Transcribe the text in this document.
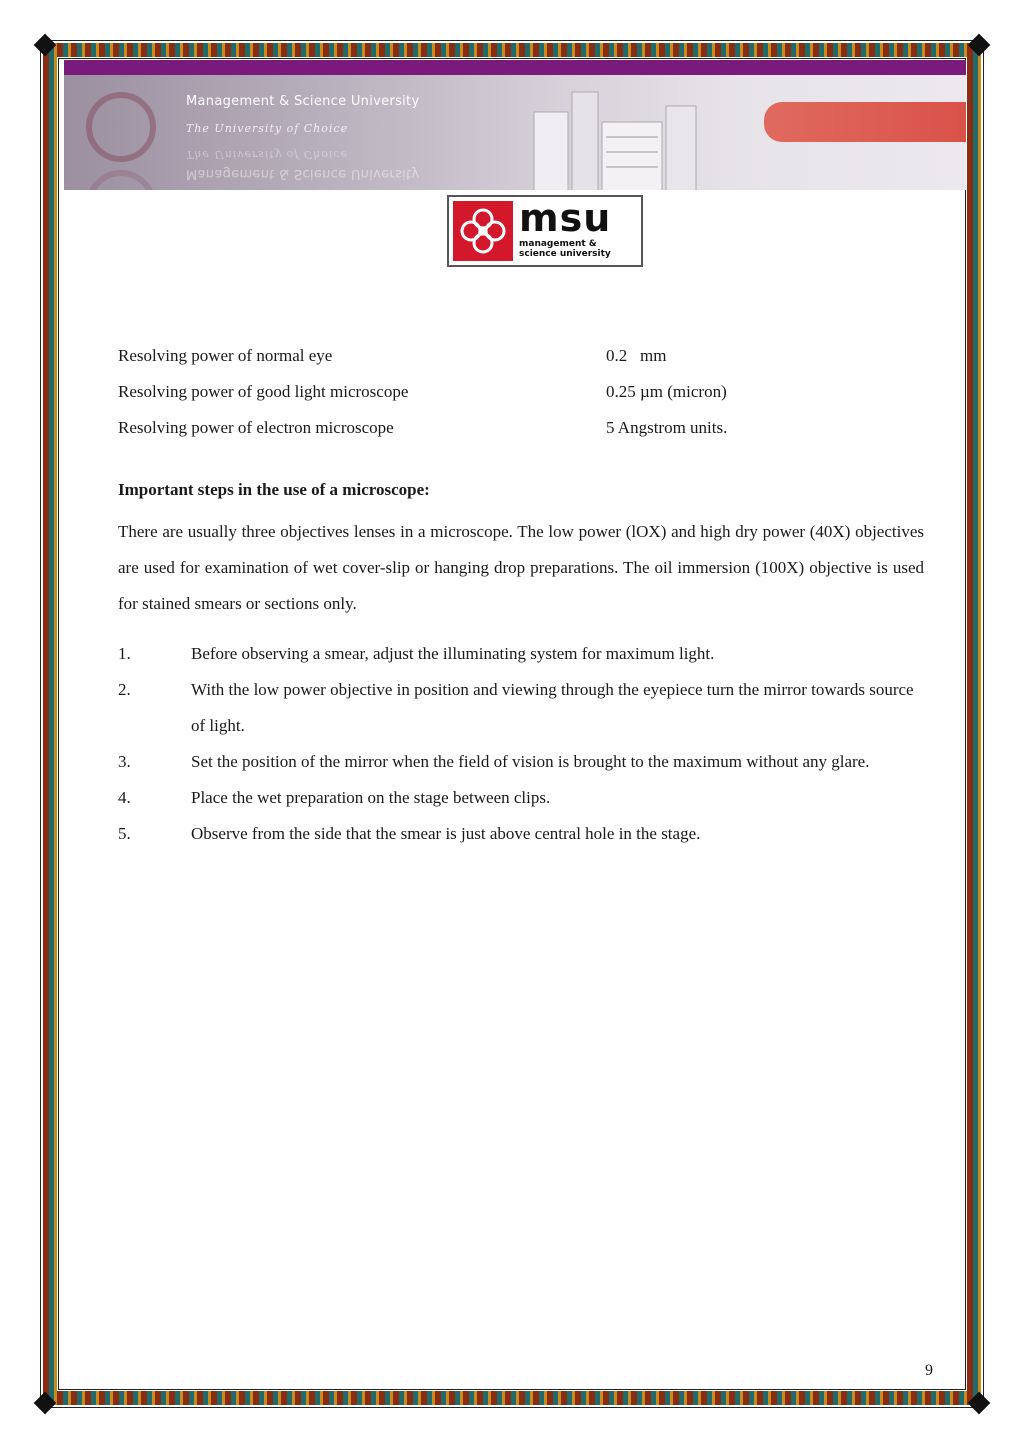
Management & Science University
The University of Choice
Management & Science University
The University of Choice
msu
management &
science university
Resolving power of normal eye	0.2   mm
Resolving power of good light microscope	0.25 µm (micron)
Resolving power of electron microscope	5 Angstrom units.
Important steps in the use of a microscope:
There are usually three objectives lenses in a microscope. The low power (lOX) and high dry power (40X) objectives are used for examination of wet cover-slip or hanging drop preparations. The oil immersion (100X) objective is used for stained smears or sections only.
1.	Before observing a smear, adjust the illuminating system for maximum light.
2.	With the low power objective in position and viewing through the eyepiece turn the mirror towards source of light.
3.	Set the position of the mirror when the field of vision is brought to the maximum without any glare.
4.	Place the wet preparation on the stage between clips.
5.	Observe from the side that the smear is just above central hole in the stage.
9
